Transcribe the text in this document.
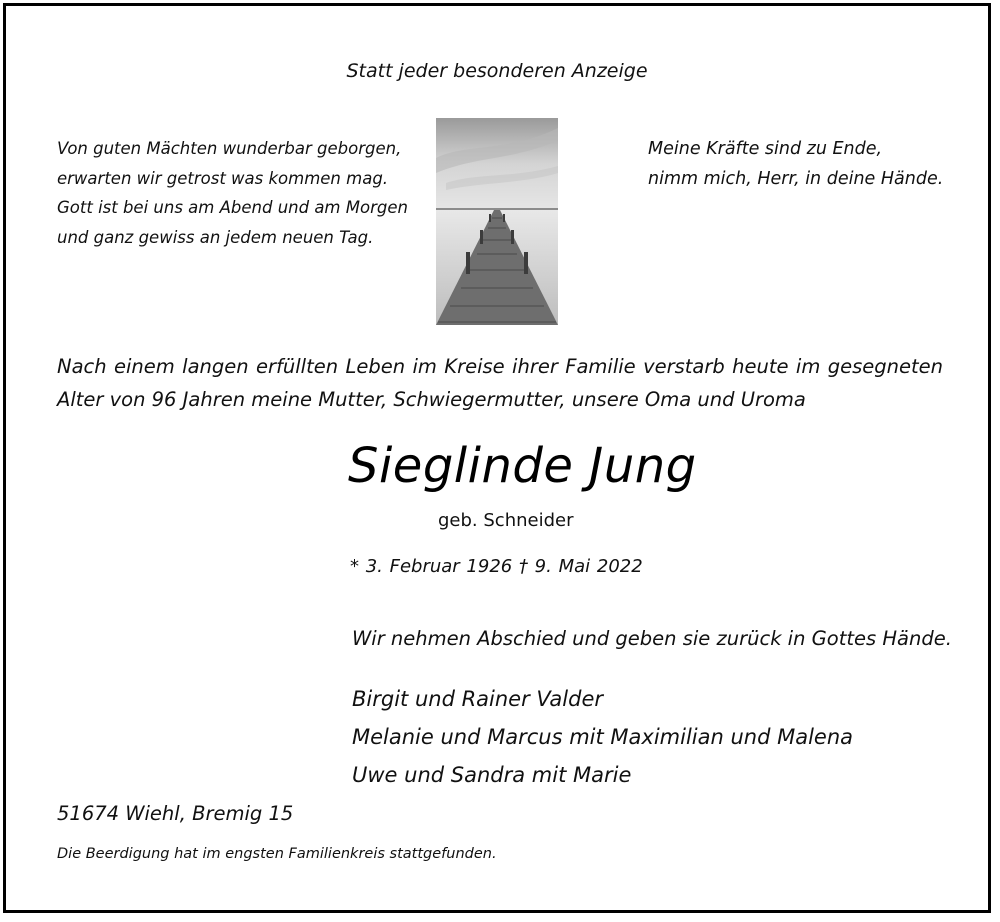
Statt jeder besonderen Anzeige

Von guten Mächten wunderbar geborgen,
erwarten wir getrost was kommen mag.
Gott ist bei uns am Abend und am Morgen
und ganz gewiss an jedem neuen Tag.
Meine Kräfte sind zu Ende,
nimm mich, Herr, in deine Hände.
Nach einem langen erfüllten Leben im Kreise ihrer Familie verstarb heute im gesegneten
Alter von 96 Jahren meine Mutter, Schwiegermutter, unsere Oma und Uroma
Sieglinde Jung

geb. Schneider

* 3. Februar 1926 † 9. Mai 2022

Wir nehmen Abschied und geben sie zurück in Gottes Hände.

Birgit und Rainer Valder
Melanie und Marcus mit Maximilian und Malena
Uwe und Sandra mit Marie

51674 Wiehl, Bremig 15

Die Beerdigung hat im engsten Familienkreis stattgefunden.
